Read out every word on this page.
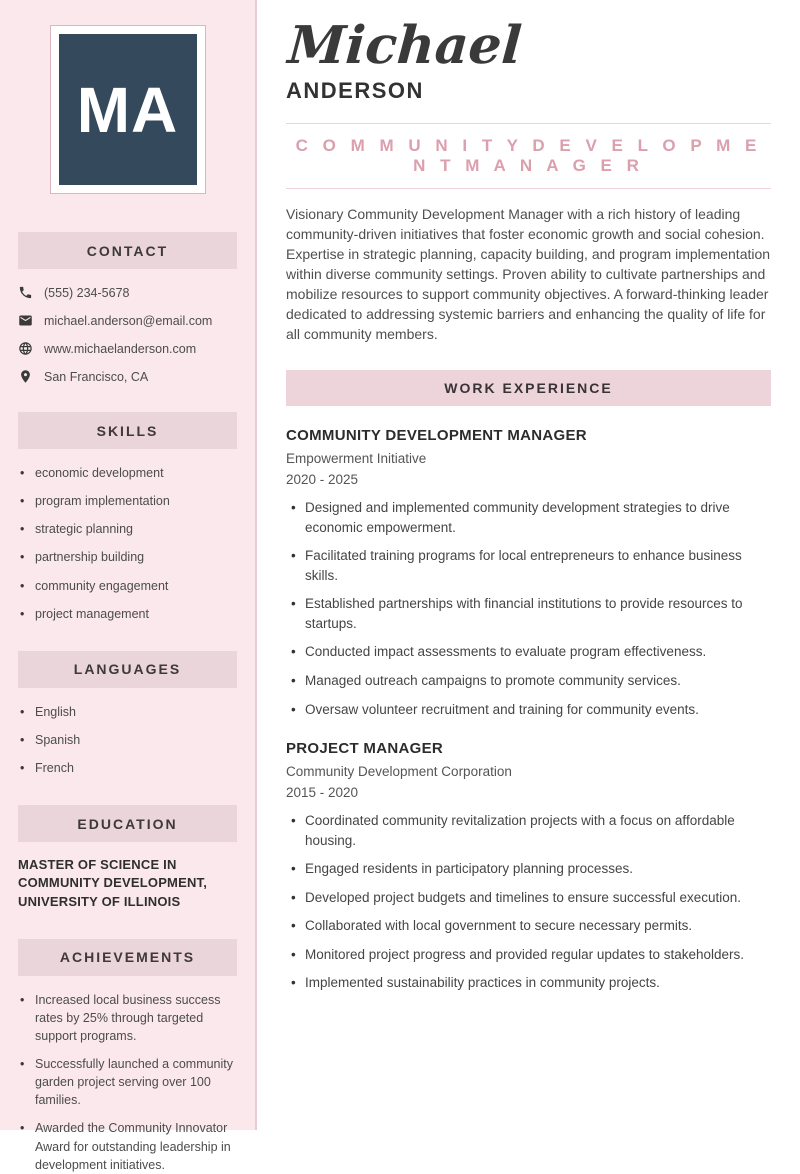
MA
CONTACT
(555) 234-5678
michael.anderson@email.com
www.michaelanderson.com
San Francisco, CA
SKILLS
• economic development
• program implementation
• strategic planning
• partnership building
• community engagement
• project management
LANGUAGES
• English
• Spanish
• French
EDUCATION

MASTER OF SCIENCE IN COMMUNITY DEVELOPMENT, UNIVERSITY OF ILLINOIS

ACHIEVEMENTS
• Increased local business success rates by 25% through targeted support programs.
• Successfully launched a community garden project serving over 100 families.
• Awarded the Community Innovator Award for outstanding leadership in development initiatives.
Michael
ANDERSON
C O M M U N I T Y D E V E L O P M E N T M A N A G E R

Visionary Community Development Manager with a rich history of leading community-driven initiatives that foster economic growth and social cohesion. Expertise in strategic planning, capacity building, and program implementation within diverse community settings. Proven ability to cultivate partnerships and mobilize resources to support community objectives. A forward-thinking leader dedicated to addressing systemic barriers and enhancing the quality of life for all community members.

WORK EXPERIENCE
COMMUNITY DEVELOPMENT MANAGER
Empowerment Initiative
2020 - 2025
• Designed and implemented community development strategies to drive economic empowerment.
• Facilitated training programs for local entrepreneurs to enhance business skills.
• Established partnerships with financial institutions to provide resources to startups.
• Conducted impact assessments to evaluate program effectiveness.
• Managed outreach campaigns to promote community services.
• Oversaw volunteer recruitment and training for community events.
PROJECT MANAGER
Community Development Corporation
2015 - 2020
• Coordinated community revitalization projects with a focus on affordable housing.
• Engaged residents in participatory planning processes.
• Developed project budgets and timelines to ensure successful execution.
• Collaborated with local government to secure necessary permits.
• Monitored project progress and provided regular updates to stakeholders.
• Implemented sustainability practices in community projects.
